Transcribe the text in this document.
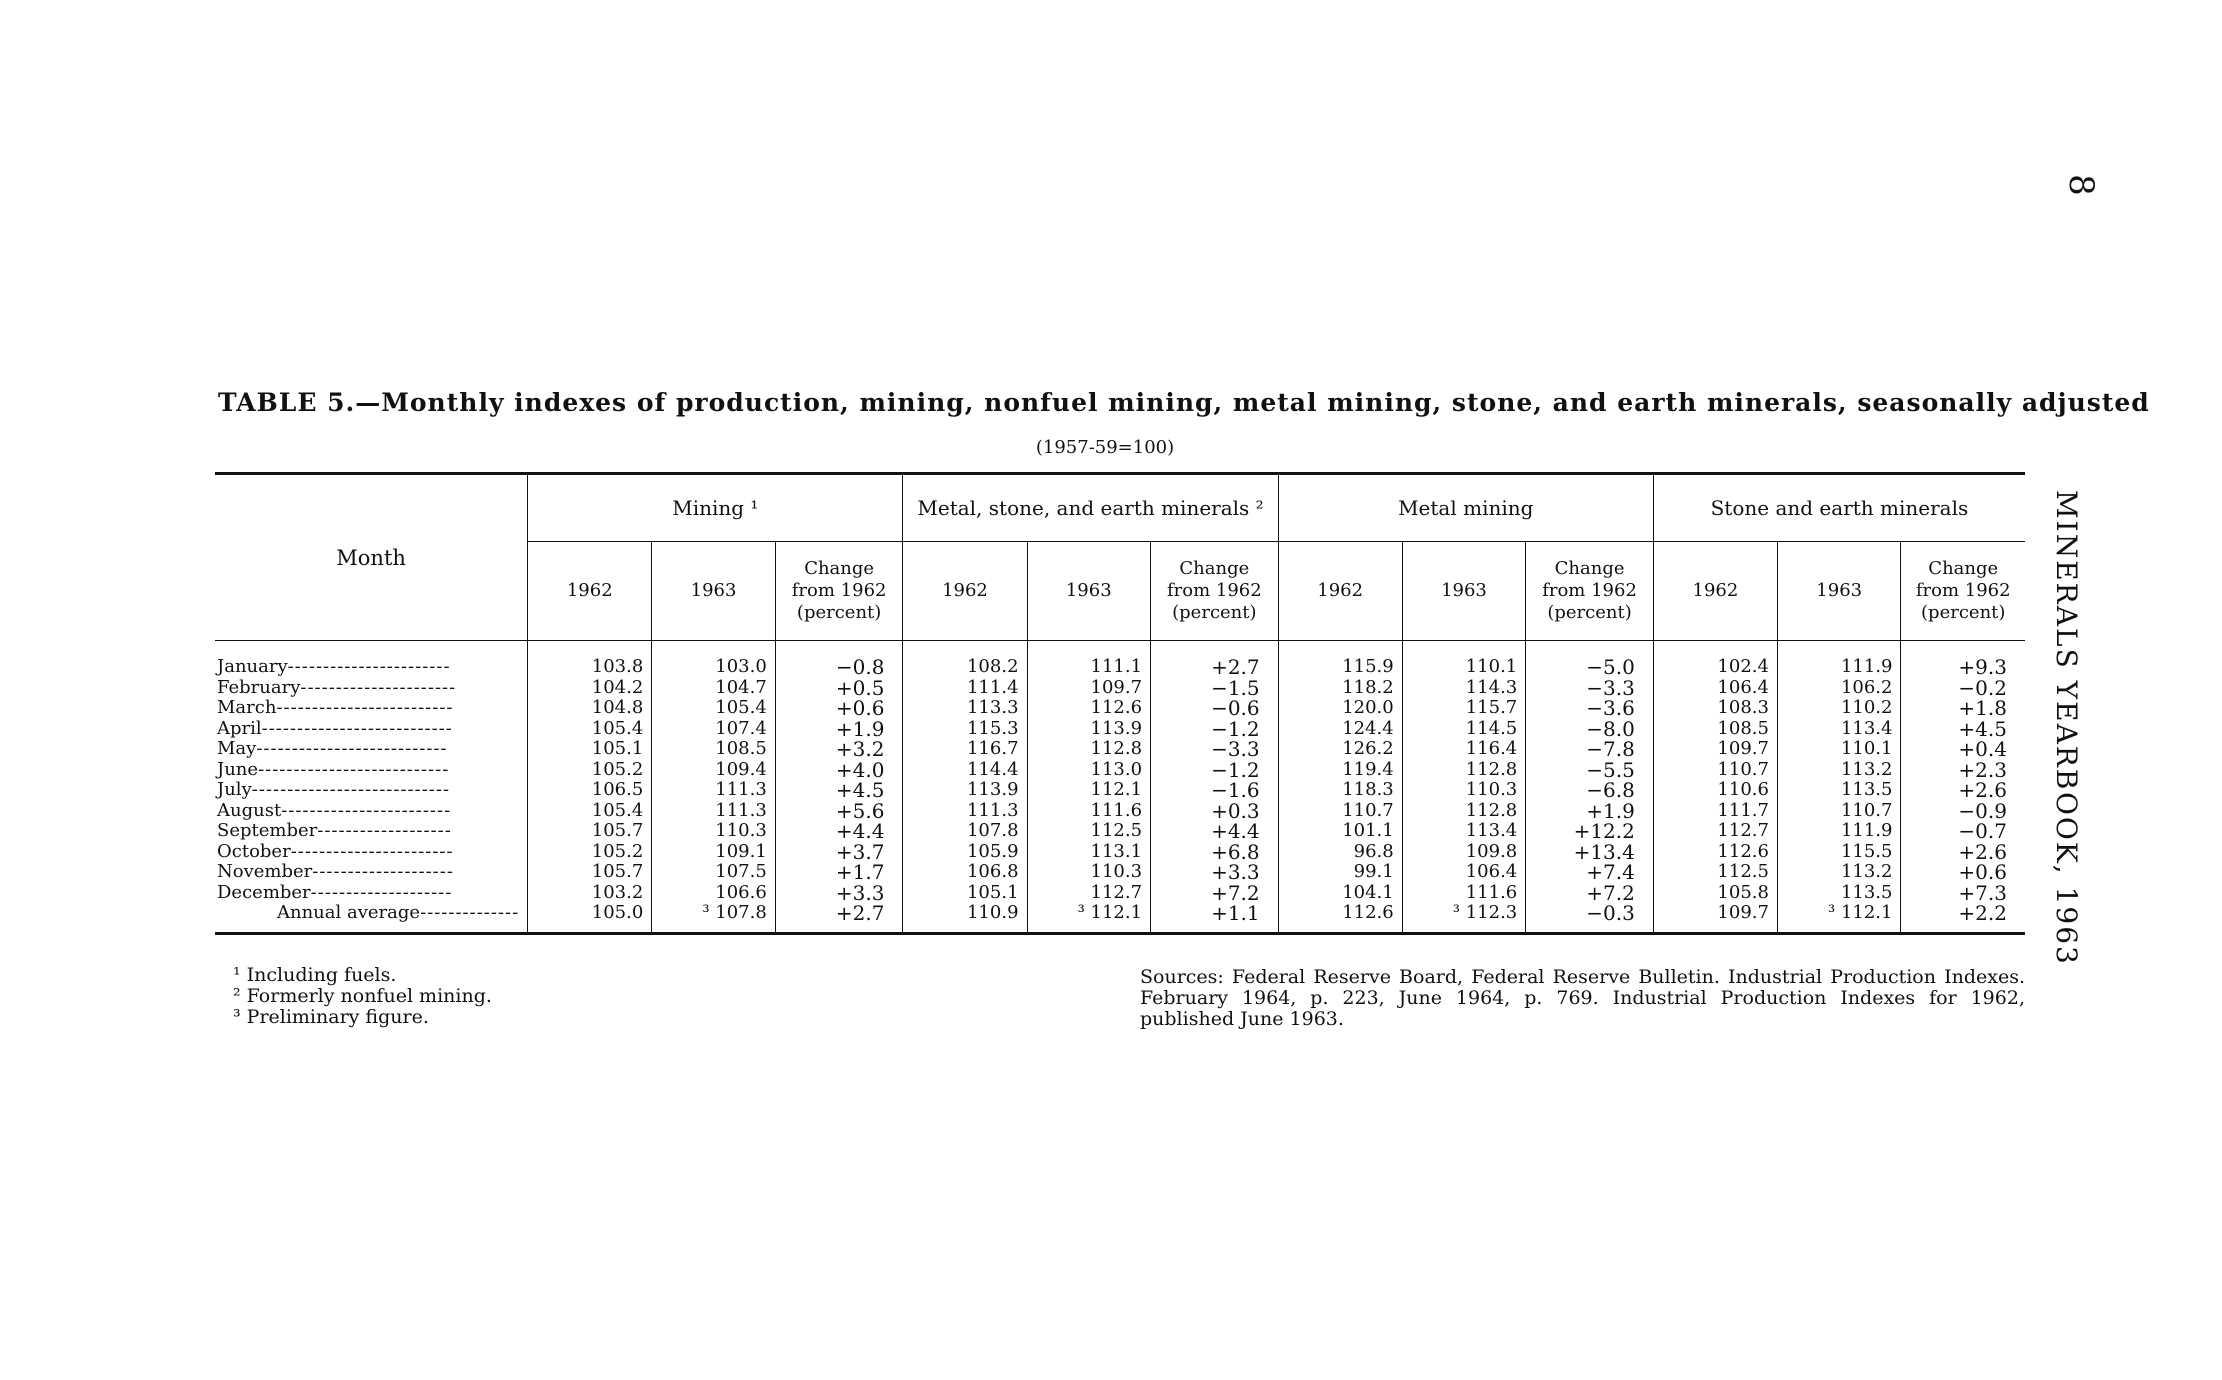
8
MINERALS YEARBOOK, 1963
TABLE 5.—Monthly indexes of production, mining, nonfuel mining, metal mining, stone, and earth minerals, seasonally adjusted
(1957-59=100)
Month	Mining ¹			Metal, stone, and earth minerals ²			Metal mining			Stone and earth minerals		
	1962	1963	Change from 1962 (percent)	1962	1963	Change from 1962 (percent)	1962	1963	Change from 1962 (percent)	1962	1963	Change from 1962 (percent)
January-----------------------	103.8	103.0	−0.8	108.2	111.1	+2.7	115.9	110.1	−5.0	102.4	111.9	+9.3
February----------------------	104.2	104.7	+0.5	111.4	109.7	−1.5	118.2	114.3	−3.3	106.4	106.2	−0.2
March-------------------------	104.8	105.4	+0.6	113.3	112.6	−0.6	120.0	115.7	−3.6	108.3	110.2	+1.8
April---------------------------	105.4	107.4	+1.9	115.3	113.9	−1.2	124.4	114.5	−8.0	108.5	113.4	+4.5
May---------------------------	105.1	108.5	+3.2	116.7	112.8	−3.3	126.2	116.4	−7.8	109.7	110.1	+0.4
June---------------------------	105.2	109.4	+4.0	114.4	113.0	−1.2	119.4	112.8	−5.5	110.7	113.2	+2.3
July----------------------------	106.5	111.3	+4.5	113.9	112.1	−1.6	118.3	110.3	−6.8	110.6	113.5	+2.6
August------------------------	105.4	111.3	+5.6	111.3	111.6	+0.3	110.7	112.8	+1.9	111.7	110.7	−0.9
September-------------------	105.7	110.3	+4.4	107.8	112.5	+4.4	101.1	113.4	+12.2	112.7	111.9	−0.7
October-----------------------	105.2	109.1	+3.7	105.9	113.1	+6.8	96.8	109.8	+13.4	112.6	115.5	+2.6
November--------------------	105.7	107.5	+1.7	106.8	110.3	+3.3	99.1	106.4	+7.4	112.5	113.2	+0.6
December--------------------	103.2	106.6	+3.3	105.1	112.7	+7.2	104.1	111.6	+7.2	105.8	113.5	+7.3
Annual average--------------	105.0	³ 107.8	+2.7	110.9	³ 112.1	+1.1	112.6	³ 112.3	−0.3	109.7	³ 112.1	+2.2
¹ Including fuels.
² Formerly nonfuel mining.
³ Preliminary figure.
Sources: Federal Reserve Board, Federal Reserve Bulletin. Industrial Production Indexes. February 1964, p. 223, June 1964, p. 769. Industrial Production Indexes for 1962, published June 1963.
